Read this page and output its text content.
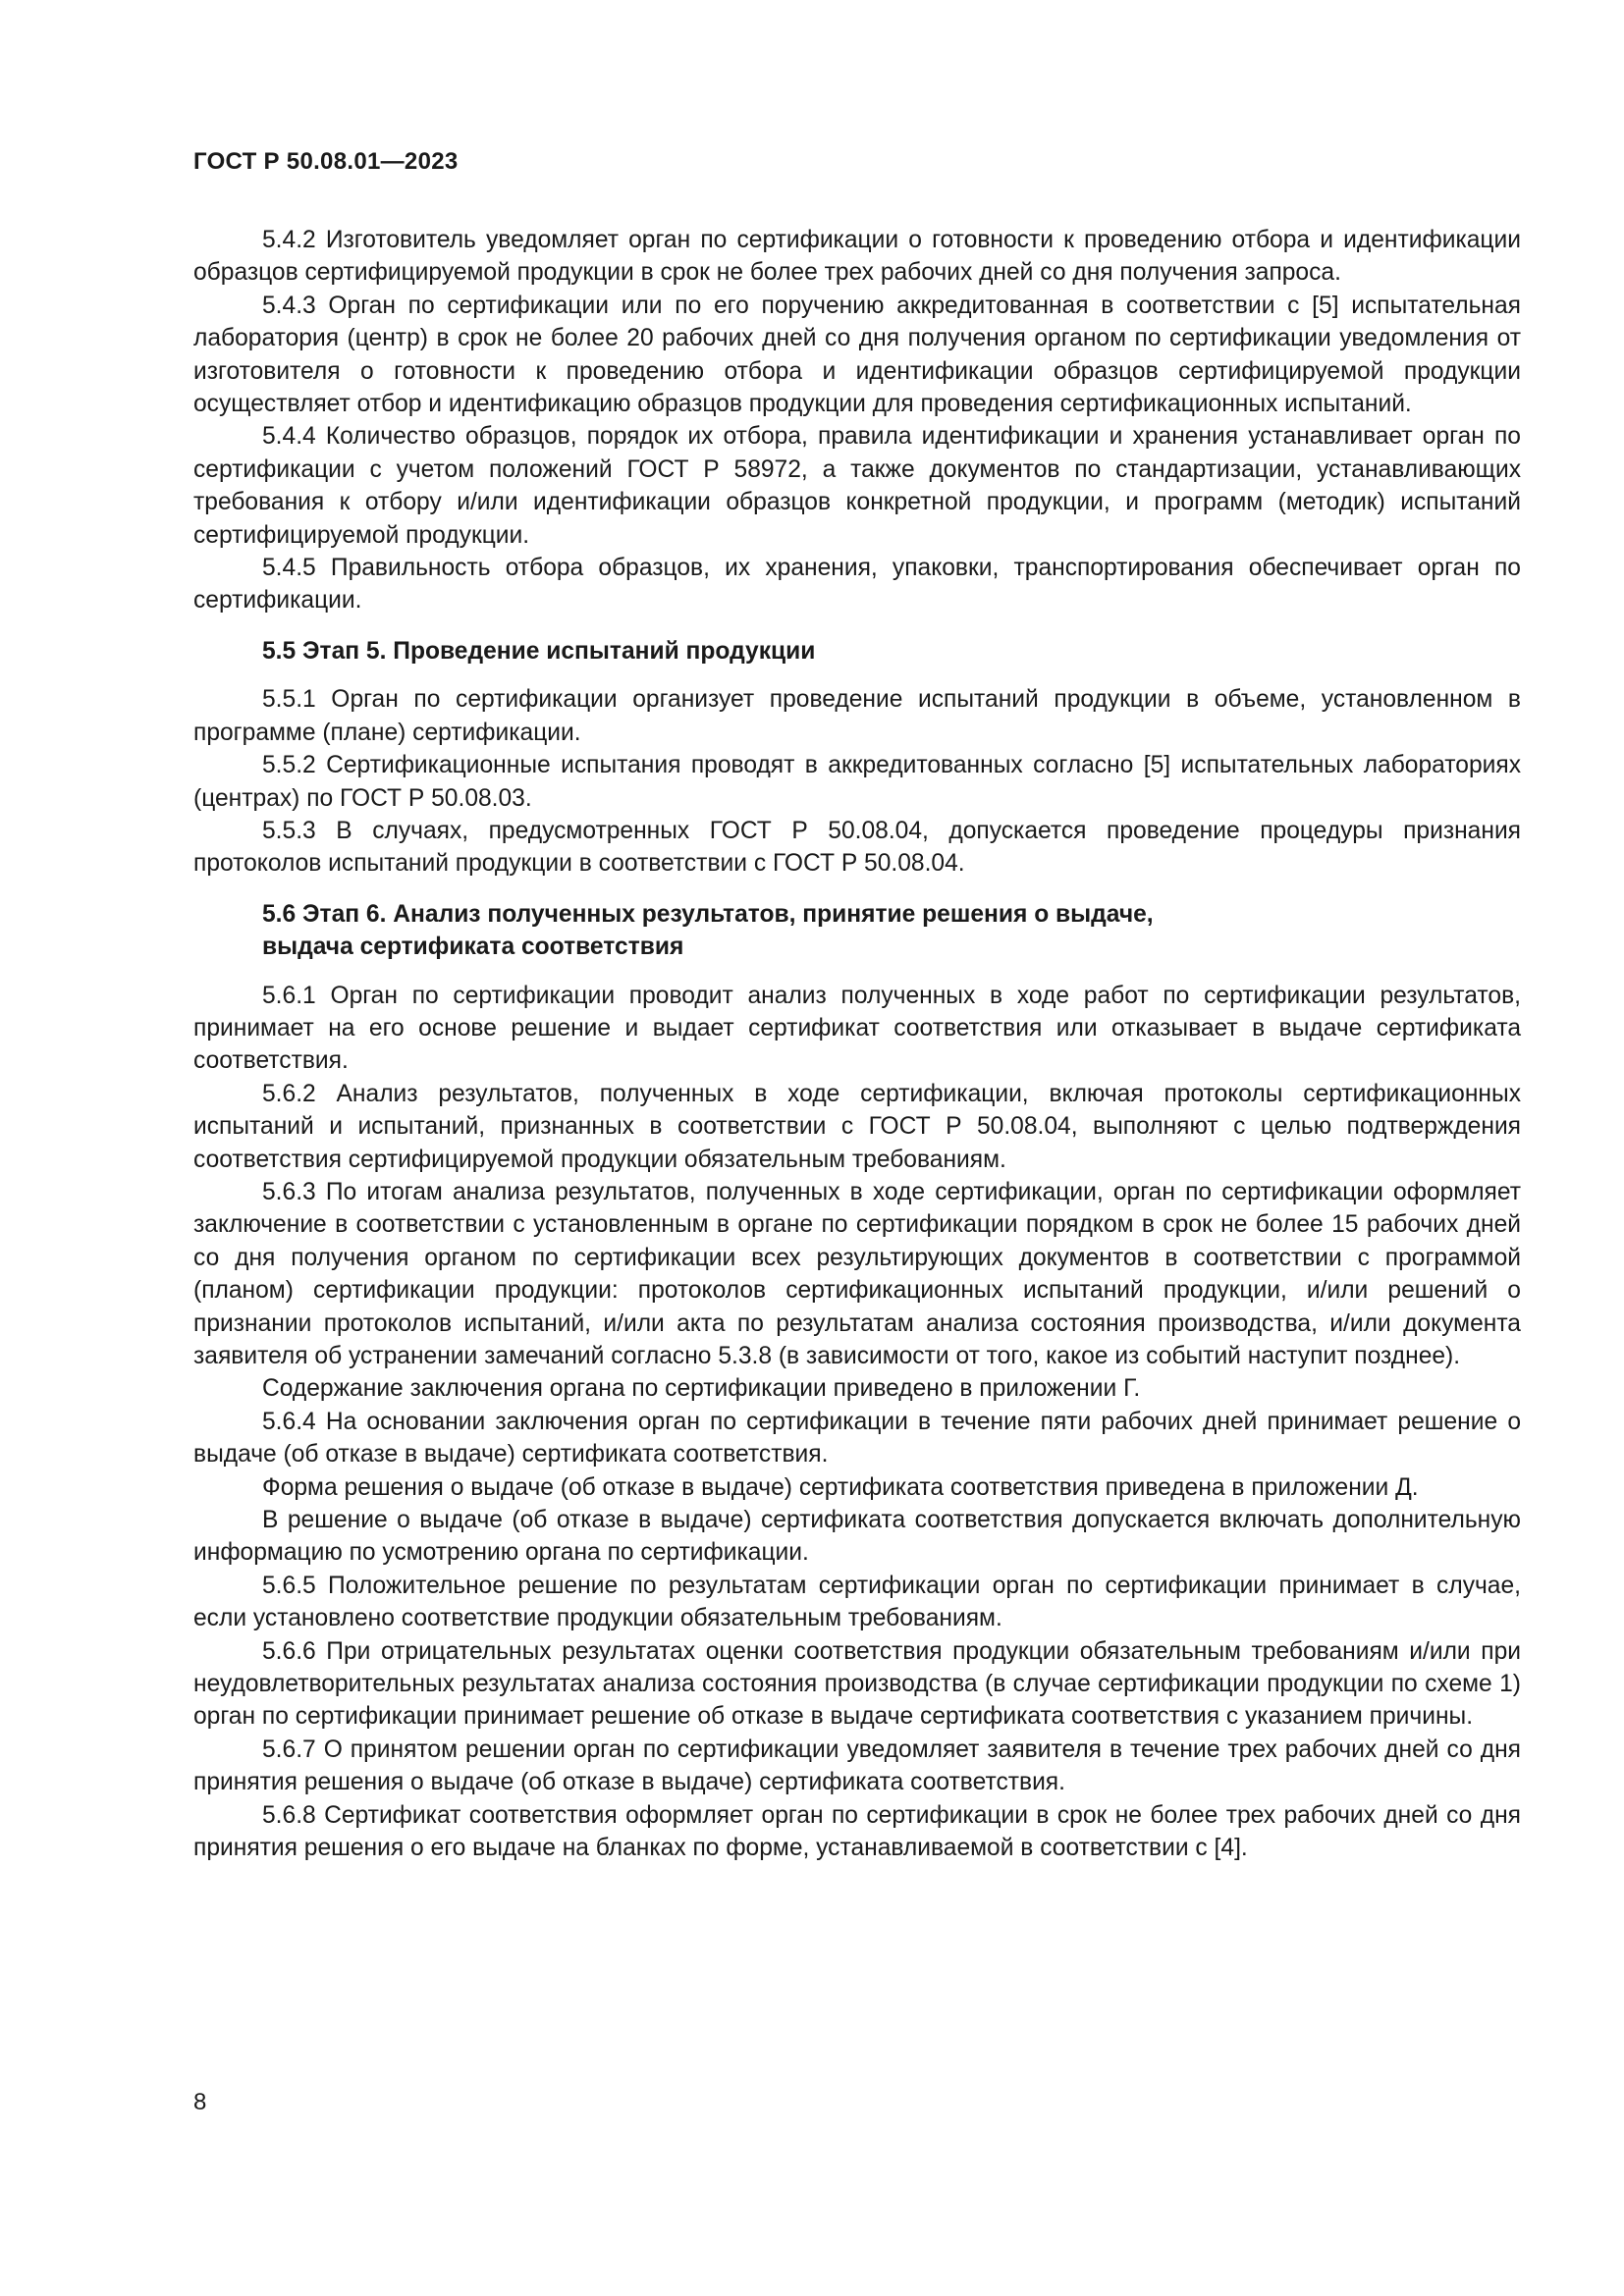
ГОСТ Р 50.08.01—2023

5.4.2 Изготовитель уведомляет орган по сертификации о готовности к проведению отбора и идентификации образцов сертифицируемой продукции в срок не более трех рабочих дней со дня получения запроса.

5.4.3 Орган по сертификации или по его поручению аккредитованная в соответствии с [5] испытательная лаборатория (центр) в срок не более 20 рабочих дней со дня получения органом по сертификации уведомления от изготовителя о готовности к проведению отбора и идентификации образцов сертифицируемой продукции осуществляет отбор и идентификацию образцов продукции для проведения сертификационных испытаний.

5.4.4 Количество образцов, порядок их отбора, правила идентификации и хранения устанавливает орган по сертификации с учетом положений ГОСТ Р 58972, а также документов по стандартизации, устанавливающих требования к отбору и/или идентификации образцов конкретной продукции, и программ (методик) испытаний сертифицируемой продукции.

5.4.5 Правильность отбора образцов, их хранения, упаковки, транспортирования обеспечивает орган по сертификации.

5.5 Этап 5. Проведение испытаний продукции

5.5.1 Орган по сертификации организует проведение испытаний продукции в объеме, установленном в программе (плане) сертификации.

5.5.2 Сертификационные испытания проводят в аккредитованных согласно [5] испытательных лабораториях (центрах) по ГОСТ Р 50.08.03.

5.5.3 В случаях, предусмотренных ГОСТ Р 50.08.04, допускается проведение процедуры признания протоколов испытаний продукции в соответствии с ГОСТ Р 50.08.04.

5.6 Этап 6. Анализ полученных результатов, принятие решения о выдаче,
выдача сертификата соответствия

5.6.1 Орган по сертификации проводит анализ полученных в ходе работ по сертификации результатов, принимает на его основе решение и выдает сертификат соответствия или отказывает в выдаче сертификата соответствия.

5.6.2 Анализ результатов, полученных в ходе сертификации, включая протоколы сертификационных испытаний и испытаний, признанных в соответствии с ГОСТ Р 50.08.04, выполняют с целью подтверждения соответствия сертифицируемой продукции обязательным требованиям.

5.6.3 По итогам анализа результатов, полученных в ходе сертификации, орган по сертификации оформляет заключение в соответствии с установленным в органе по сертификации порядком в срок не более 15 рабочих дней со дня получения органом по сертификации всех результирующих документов в соответствии с программой (планом) сертификации продукции: протоколов сертификационных испытаний продукции, и/или решений о признании протоколов испытаний, и/или акта по результатам анализа состояния производства, и/или документа заявителя об устранении замечаний согласно 5.3.8 (в зависимости от того, какое из событий наступит позднее).

Содержание заключения органа по сертификации приведено в приложении Г.

5.6.4 На основании заключения орган по сертификации в течение пяти рабочих дней принимает решение о выдаче (об отказе в выдаче) сертификата соответствия.

Форма решения о выдаче (об отказе в выдаче) сертификата соответствия приведена в приложении Д.

В решение о выдаче (об отказе в выдаче) сертификата соответствия допускается включать дополнительную информацию по усмотрению органа по сертификации.

5.6.5 Положительное решение по результатам сертификации орган по сертификации принимает в случае, если установлено соответствие продукции обязательным требованиям.

5.6.6 При отрицательных результатах оценки соответствия продукции обязательным требованиям и/или при неудовлетворительных результатах анализа состояния производства (в случае сертификации продукции по схеме 1) орган по сертификации принимает решение об отказе в выдаче сертификата соответствия с указанием причины.

5.6.7 О принятом решении орган по сертификации уведомляет заявителя в течение трех рабочих дней со дня принятия решения о выдаче (об отказе в выдаче) сертификата соответствия.

5.6.8 Сертификат соответствия оформляет орган по сертификации в срок не более трех рабочих дней со дня принятия решения о его выдаче на бланках по форме, устанавливаемой в соответствии с [4].

8
